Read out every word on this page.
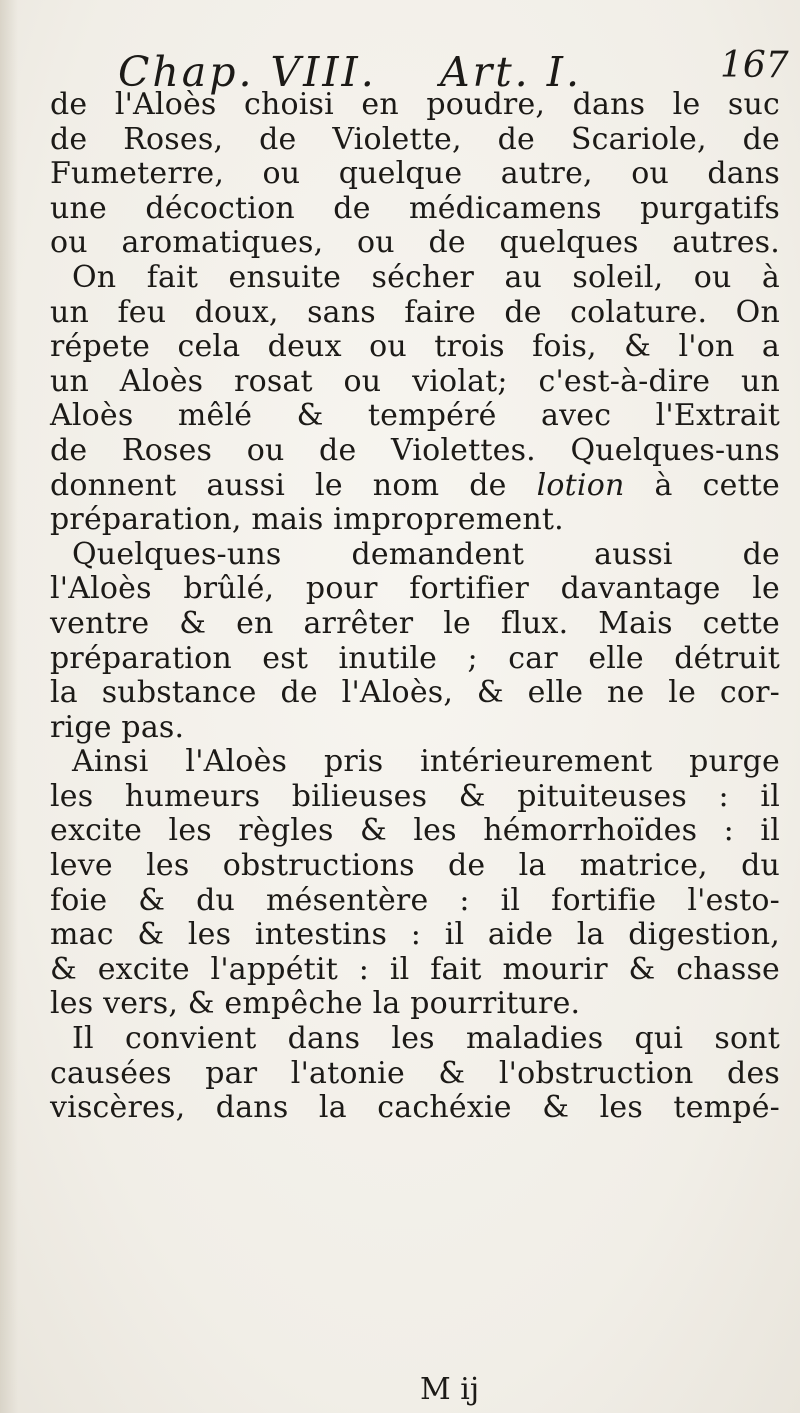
Chap. VIII. Art. I.	167
de l'Aloès choisi en poudre, dans le suc
de Roses, de Violette, de Scariole, de
Fumeterre, ou quelque autre, ou dans
une décoction de médicamens purgatifs
ou aromatiques, ou de quelques autres.
On fait ensuite sécher au soleil, ou à
un feu doux, sans faire de colature. On
répete cela deux ou trois fois, & l'on a
un Aloès rosat ou violat; c'est-à-dire un
Aloès mêlé & tempéré avec l'Extrait
de Roses ou de Violettes. Quelques-uns
donnent aussi le nom de lotion à cette
préparation, mais improprement.
Quelques-uns demandent aussi de
l'Aloès brûlé, pour fortifier davantage le
ventre & en arrêter le flux. Mais cette
préparation est inutile ; car elle détruit
la substance de l'Aloès, & elle ne le cor-
rige pas.
Ainsi l'Aloès pris intérieurement purge
les humeurs bilieuses & pituiteuses : il
excite les règles & les hémorrhoïdes : il
leve les obstructions de la matrice, du
foie & du mésentère : il fortifie l'esto-
mac & les intestins : il aide la digestion,
& excite l'appétit : il fait mourir & chasse
les vers, & empêche la pourriture.
Il convient dans les maladies qui sont
causées par l'atonie & l'obstruction des
viscères, dans la cachéxie & les tempé-
M ij
